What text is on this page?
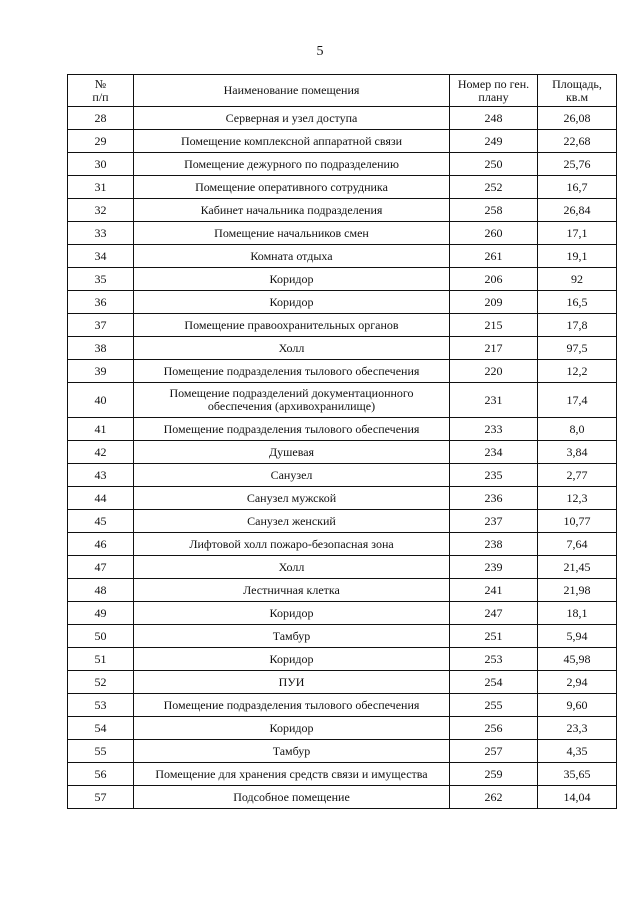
5
№
п/п	Наименование помещения	Номер по ген. плану	Площадь, кв.м
28	Серверная и узел доступа	248	26,08
29	Помещение комплексной аппаратной связи	249	22,68
30	Помещение дежурного по подразделению	250	25,76
31	Помещение оперативного сотрудника	252	16,7
32	Кабинет начальника подразделения	258	26,84
33	Помещение начальников смен	260	17,1
34	Комната отдыха	261	19,1
35	Коридор	206	92
36	Коридор	209	16,5
37	Помещение правоохранительных органов	215	17,8
38	Холл	217	97,5
39	Помещение подразделения тылового обеспечения	220	12,2
40	Помещение подразделений документационного обеспечения (архивохранилище)	231	17,4
41	Помещение подразделения тылового обеспечения	233	8,0
42	Душевая	234	3,84
43	Санузел	235	2,77
44	Санузел мужской	236	12,3
45	Санузел женский	237	10,77
46	Лифтовой холл пожаро-безопасная зона	238	7,64
47	Холл	239	21,45
48	Лестничная клетка	241	21,98
49	Коридор	247	18,1
50	Тамбур	251	5,94
51	Коридор	253	45,98
52	ПУИ	254	2,94
53	Помещение подразделения тылового обеспечения	255	9,60
54	Коридор	256	23,3
55	Тамбур	257	4,35
56	Помещение для хранения средств связи и имущества	259	35,65
57	Подсобное помещение	262	14,04
